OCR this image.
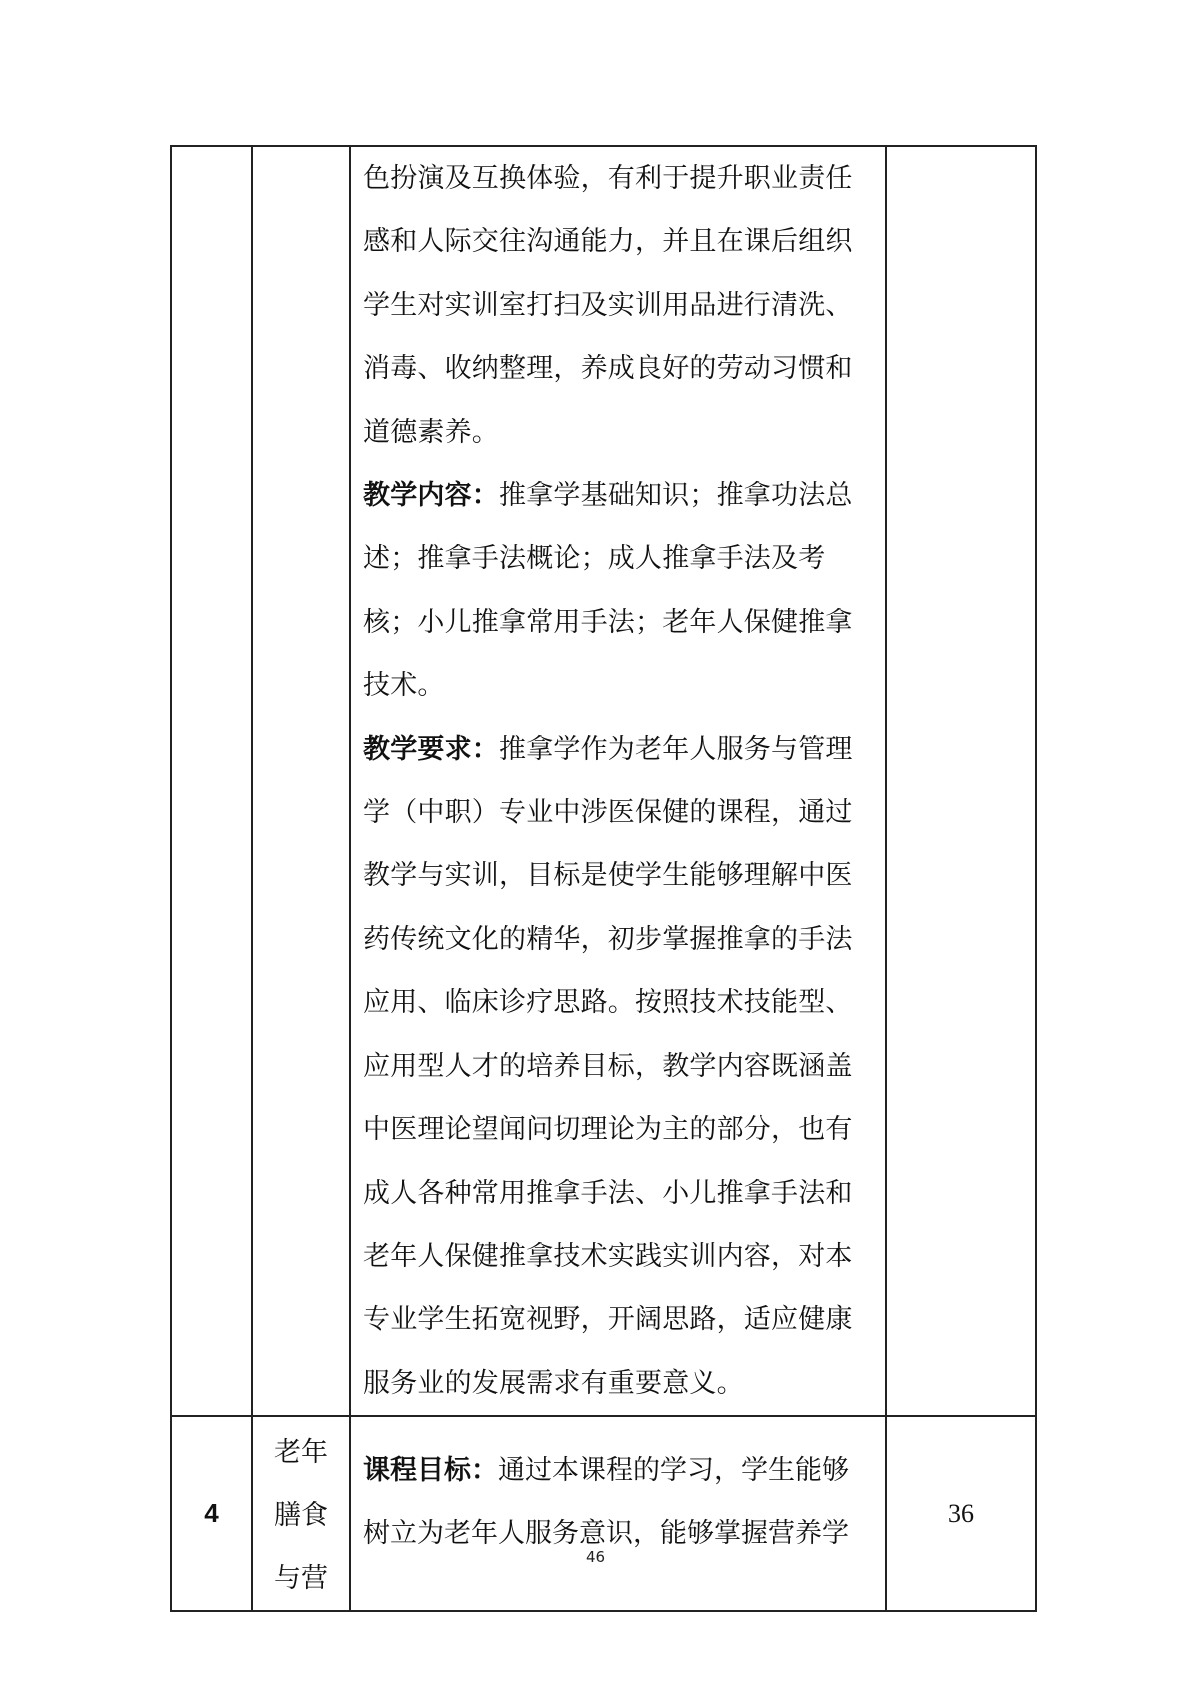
		色扮演及互换体验，有利于提升职业责任感和人际交往沟通能力，并且在课后组织学生对实训室打扫及实训用品进行清洗、消毒、收纳整理，养成良好的劳动习惯和道德素养。
教学内容：推拿学基础知识；推拿功法总述；推拿手法概论；成人推拿手法及考核；小儿推拿常用手法；老年人保健推拿技术。
教学要求：推拿学作为老年人服务与管理学（中职）专业中涉医保健的课程，通过教学与实训，目标是使学生能够理解中医药传统文化的精华，初步掌握推拿的手法应用、临床诊疗思路。按照技术技能型、应用型人才的培养目标，教学内容既涵盖中医理论望闻问切理论为主的部分，也有成人各种常用推拿手法、小儿推拿手法和老年人保健推拿技术实践实训内容，对本专业学生拓宽视野，开阔思路，适应健康服务业的发展需求有重要意义。	

4	老年膳食与营	课程目标：通过本课程的学习，学生能够树立为老年人服务意识，能够掌握营养学	36
46
